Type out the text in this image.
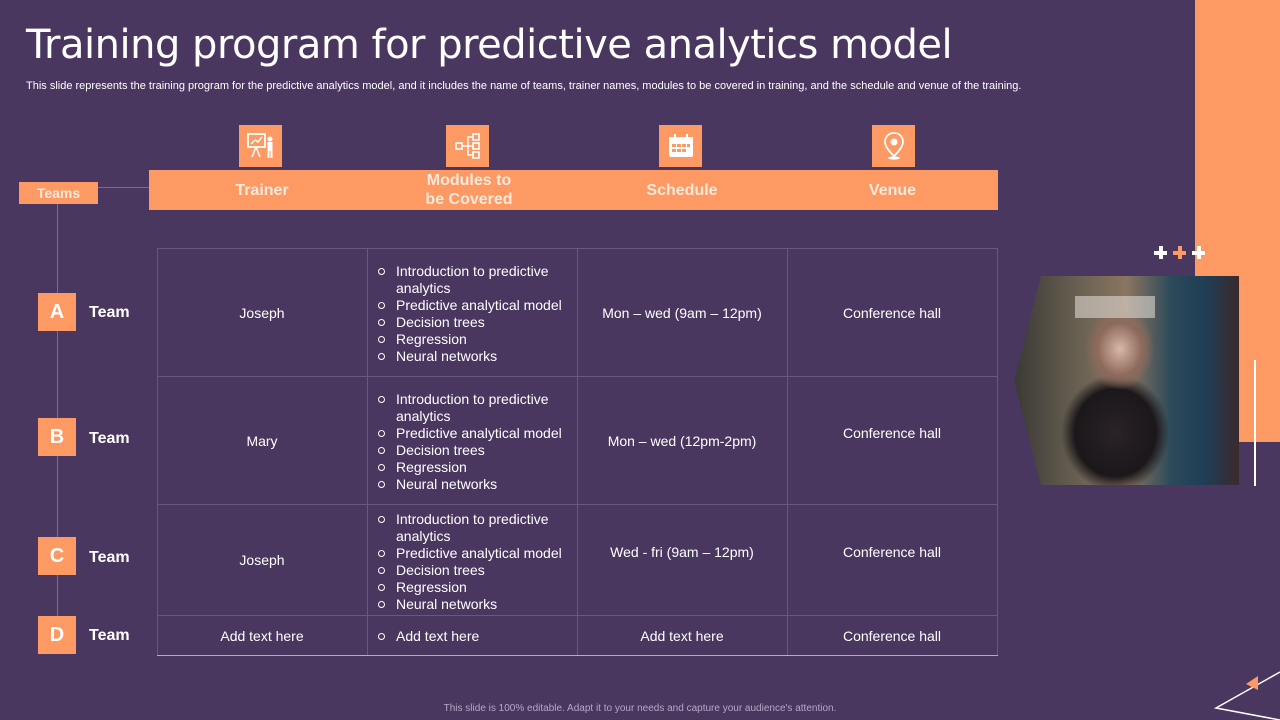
Training program for predictive analytics model

This slide represents the training program for the predictive analytics model, and it includes the name of teams, trainer names, modules to be covered in training, and the schedule and venue of the training.

Trainer
Modules to be Covered
Schedule	Venue
Teams
A	Team	Joseph
Introduction to predictive analytics
Predictive analytical model
Decision trees
Regression
Neural networks
Mon – wed (9am – 12pm)	Conference hall
B	Team	Mary
Introduction to predictive analytics
Predictive analytical model
Decision trees
Regression
Neural networks
Mon – wed (12pm-2pm)	Conference hall
C	Team	Joseph
Introduction to predictive analytics
Predictive analytical model
Decision trees
Regression
Neural networks
Wed - fri (9am – 12pm)	Conference hall
D	Team	Add text here	Add text here	Add text here	Conference hall
This slide is 100% editable. Adapt it to your needs and capture your audience's attention.
